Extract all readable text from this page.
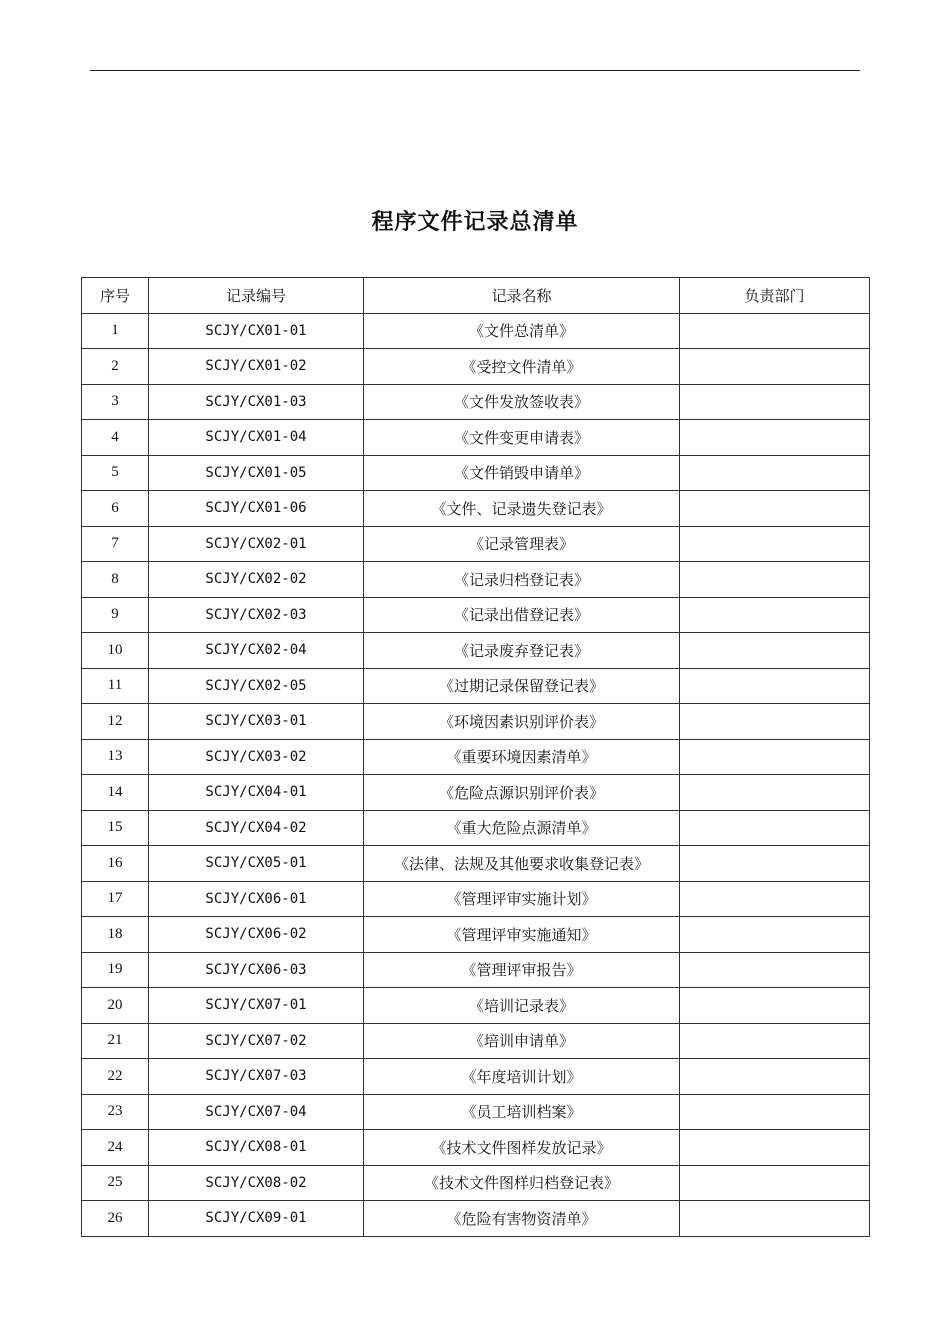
程序文件记录总清单
序号	记录编号	记录名称	负责部门
1	SCJY/CX01-01	《文件总清单》	
2	SCJY/CX01-02	《受控文件清单》	
3	SCJY/CX01-03	《文件发放签收表》	
4	SCJY/CX01-04	《文件变更申请表》	
5	SCJY/CX01-05	《文件销毁申请单》	
6	SCJY/CX01-06	《文件、记录遗失登记表》	
7	SCJY/CX02-01	《记录管理表》	
8	SCJY/CX02-02	《记录归档登记表》	
9	SCJY/CX02-03	《记录出借登记表》	
10	SCJY/CX02-04	《记录废弃登记表》	
11	SCJY/CX02-05	《过期记录保留登记表》	
12	SCJY/CX03-01	《环境因素识别评价表》	
13	SCJY/CX03-02	《重要环境因素清单》	
14	SCJY/CX04-01	《危险点源识别评价表》	
15	SCJY/CX04-02	《重大危险点源清单》	
16	SCJY/CX05-01	《法律、法规及其他要求收集登记表》	
17	SCJY/CX06-01	《管理评审实施计划》	
18	SCJY/CX06-02	《管理评审实施通知》	
19	SCJY/CX06-03	《管理评审报告》	
20	SCJY/CX07-01	《培训记录表》	
21	SCJY/CX07-02	《培训申请单》	
22	SCJY/CX07-03	《年度培训计划》	
23	SCJY/CX07-04	《员工培训档案》	
24	SCJY/CX08-01	《技术文件图样发放记录》	
25	SCJY/CX08-02	《技术文件图样归档登记表》	
26	SCJY/CX09-01	《危险有害物资清单》	
